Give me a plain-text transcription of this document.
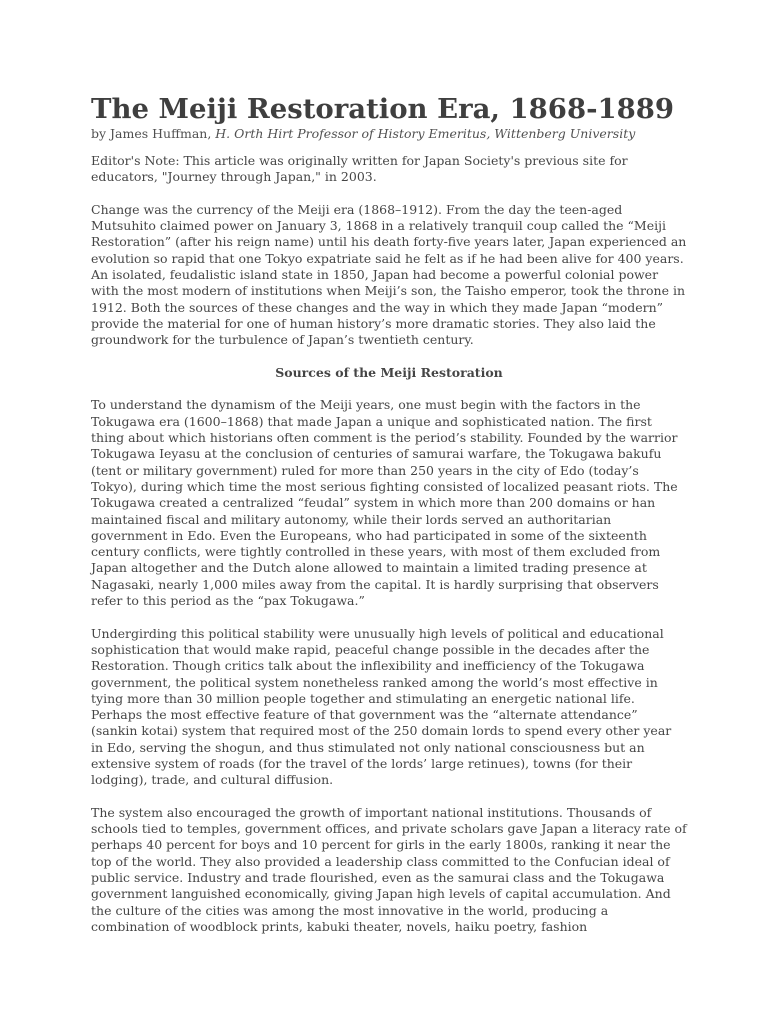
The Meiji Restoration Era, 1868-1889

by James Huffman, H. Orth Hirt Professor of History Emeritus, Wittenberg University

Editor's Note: This article was originally written for Japan Society's previous site for educators, "Journey through Japan," in 2003.

Change was the currency of the Meiji era (1868–1912). From the day the teen-aged Mutsuhito claimed power on January 3, 1868 in a relatively tranquil coup called the “Meiji Restoration” (after his reign name) until his death forty-five years later, Japan experienced an evolution so rapid that one Tokyo expatriate said he felt as if he had been alive for 400 years. An isolated, feudalistic island state in 1850, Japan had become a powerful colonial power with the most modern of institutions when Meiji’s son, the Taisho emperor, took the throne in 1912. Both the sources of these changes and the way in which they made Japan “modern” provide the material for one of human history’s more dramatic stories. They also laid the groundwork for the turbulence of Japan’s twentieth century.

Sources of the Meiji Restoration

To understand the dynamism of the Meiji years, one must begin with the factors in the Tokugawa era (1600–1868) that made Japan a unique and sophisticated nation. The first thing about which historians often comment is the period’s stability. Founded by the warrior Tokugawa Ieyasu at the conclusion of centuries of samurai warfare, the Tokugawa bakufu (tent or military government) ruled for more than 250 years in the city of Edo (today’s Tokyo), during which time the most serious fighting consisted of localized peasant riots. The Tokugawa created a centralized “feudal” system in which more than 200 domains or han maintained fiscal and military autonomy, while their lords served an authoritarian government in Edo. Even the Europeans, who had participated in some of the sixteenth century conflicts, were tightly controlled in these years, with most of them excluded from Japan altogether and the Dutch alone allowed to maintain a limited trading presence at Nagasaki, nearly 1,000 miles away from the capital. It is hardly surprising that observers refer to this period as the “pax Tokugawa.”

Undergirding this political stability were unusually high levels of political and educational sophistication that would make rapid, peaceful change possible in the decades after the Restoration. Though critics talk about the inflexibility and inefficiency of the Tokugawa government, the political system nonetheless ranked among the world’s most effective in tying more than 30 million people together and stimulating an energetic national life. Perhaps the most effective feature of that government was the “alternate attendance” (sankin kotai) system that required most of the 250 domain lords to spend every other year in Edo, serving the shogun, and thus stimulated not only national consciousness but an extensive system of roads (for the travel of the lords’ large retinues), towns (for their lodging), trade, and cultural diffusion.

The system also encouraged the growth of important national institutions. Thousands of schools tied to temples, government offices, and private scholars gave Japan a literacy rate of perhaps 40 percent for boys and 10 percent for girls in the early 1800s, ranking it near the top of the world. They also provided a leadership class committed to the Confucian ideal of public service. Industry and trade flourished, even as the samurai class and the Tokugawa government languished economically, giving Japan high levels of capital accumulation. And the culture of the cities was among the most innovative in the world, producing a combination of woodblock prints, kabuki theater, novels, haiku poetry, fashion
